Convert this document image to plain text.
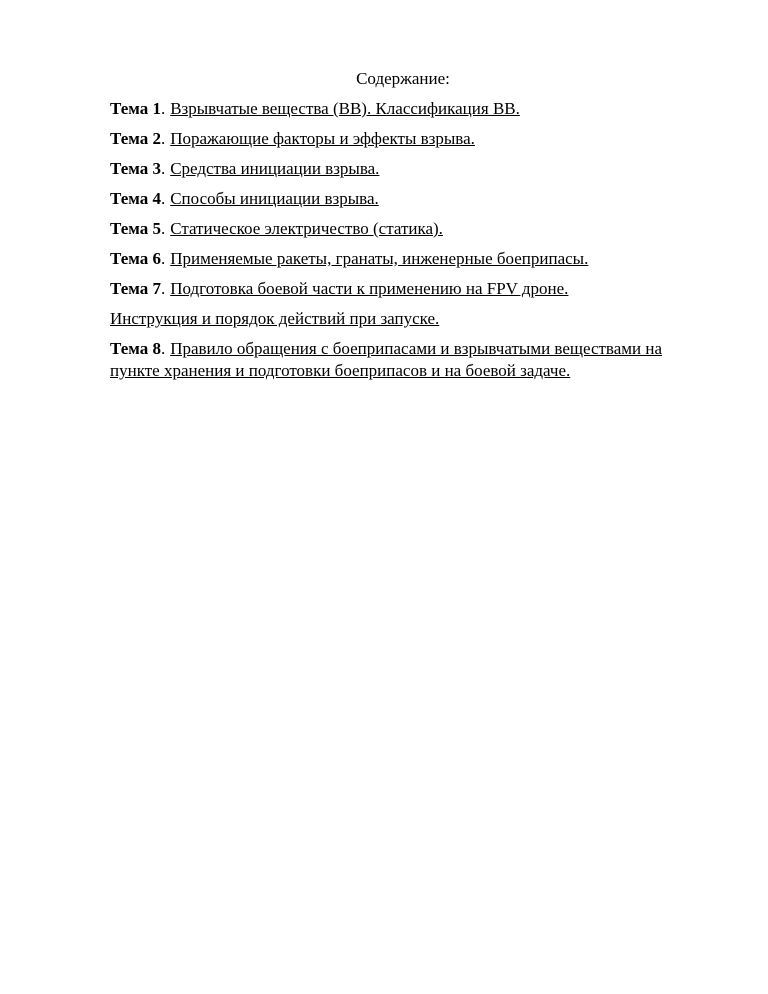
Содержание:

Тема 1. Взрывчатые вещества (ВВ). Классификация ВВ.

Тема 2. Поражающие факторы и эффекты взрыва.

Тема 3. Средства инициации взрыва.

Тема 4. Способы инициации взрыва.

Тема 5. Статическое электричество (статика).

Тема 6. Применяемые ракеты, гранаты, инженерные боеприпасы.

Тема 7. Подготовка боевой части к применению на FPV дроне.

Инструкция и порядок действий при запуске.

Тема 8. Правило обращения с боеприпасами и взрывчатыми веществами на пункте хранения и подготовки боеприпасов и на боевой задаче.
